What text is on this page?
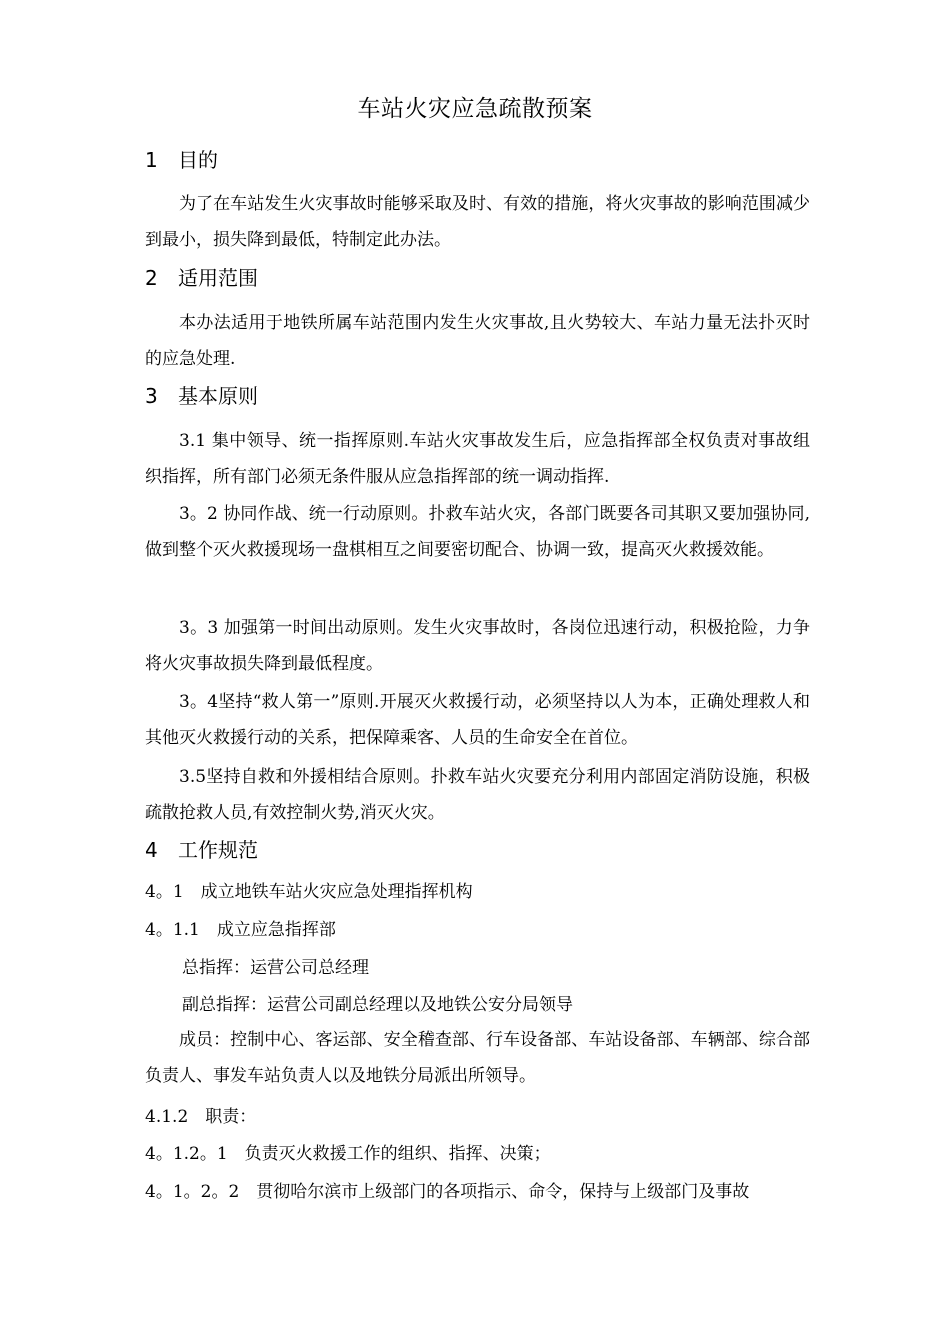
车站火灾应急疏散预案
1 目的

为了在车站发生火灾事故时能够采取及时、有效的措施，将火灾事故的影响范围减少到最小，损失降到最低，特制定此办法。

2 适用范围

本办法适用于地铁所属车站范围内发生火灾事故,且火势较大、车站力量无法扑灭时的应急处理.

3 基本原则

3.1 集中领导、统一指挥原则.车站火灾事故发生后，应急指挥部全权负责对事故组织指挥，所有部门必须无条件服从应急指挥部的统一调动指挥.

3。2 协同作战、统一行动原则。扑救车站火灾，各部门既要各司其职又要加强协同,做到整个灭火救援现场一盘棋相互之间要密切配合、协调一致，提高灭火救援效能。

3。3 加强第一时间出动原则。发生火灾事故时，各岗位迅速行动，积极抢险，力争将火灾事故损失降到最低程度。

3。4坚持“救人第一”原则.开展灭火救援行动，必须坚持以人为本，正确处理救人和其他灭火救援行动的关系，把保障乘客、人员的生命安全在首位。

3.5坚持自救和外援相结合原则。扑救车站火灾要充分利用内部固定消防设施，积极疏散抢救人员,有效控制火势,消灭火灾。

4 工作规范

4。1　成立地铁车站火灾应急处理指挥机构

4。1.1　成立应急指挥部

总指挥：运营公司总经理

副总指挥：运营公司副总经理以及地铁公安分局领导

成员：控制中心、客运部、安全稽查部、行车设备部、车站设备部、车辆部、综合部负责人、事发车站负责人以及地铁分局派出所领导。

4.1.2　职责：

4。1.2。1　负责灭火救援工作的组织、指挥、决策；

4。1。2。2　贯彻哈尔滨市上级部门的各项指示、命令，保持与上级部门及事故
